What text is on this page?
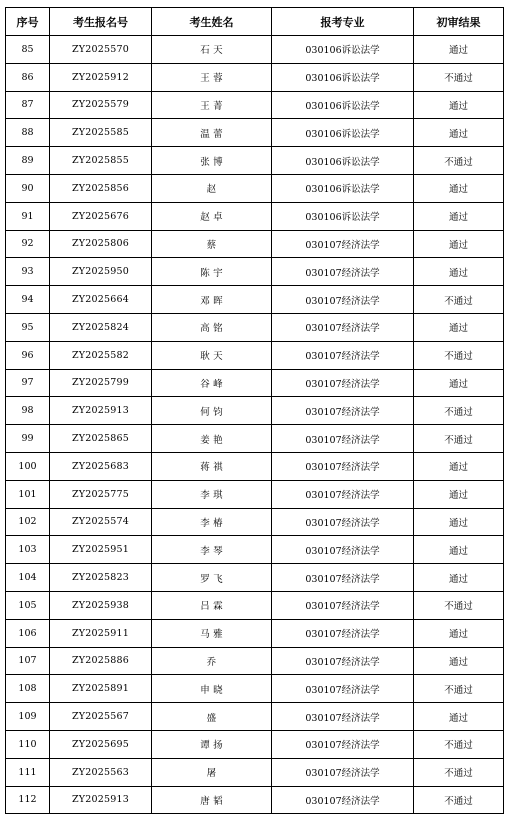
序号	考生报名号	考生姓名	报考专业	初审结果
85	ZY2025570	石 天	030106诉讼法学	通过
86	ZY2025912	王 蓉	030106诉讼法学	不通过
87	ZY2025579	王 菁	030106诉讼法学	通过
88	ZY2025585	温 蕾	030106诉讼法学	通过
89	ZY2025855	张 博	030106诉讼法学	不通过
90	ZY2025856	赵	030106诉讼法学	通过
91	ZY2025676	赵 卓	030106诉讼法学	通过
92	ZY2025806	蔡	030107经济法学	通过
93	ZY2025950	陈 宇	030107经济法学	通过
94	ZY2025664	邓 晖	030107经济法学	不通过
95	ZY2025824	高 铭	030107经济法学	通过
96	ZY2025582	耿 天	030107经济法学	不通过
97	ZY2025799	谷 峰	030107经济法学	通过
98	ZY2025913	何 钧	030107经济法学	不通过
99	ZY2025865	姜 艳	030107经济法学	不通过
100	ZY2025683	蒋 祺	030107经济法学	通过
101	ZY2025775	李 琪	030107经济法学	通过
102	ZY2025574	李 椿	030107经济法学	通过
103	ZY2025951	李 琴	030107经济法学	通过
104	ZY2025823	罗 飞	030107经济法学	通过
105	ZY2025938	吕 霖	030107经济法学	不通过
106	ZY2025911	马 雅	030107经济法学	通过
107	ZY2025886	乔	030107经济法学	通过
108	ZY2025891	申 晓	030107经济法学	不通过
109	ZY2025567	盛	030107经济法学	通过
110	ZY2025695	谭 扬	030107经济法学	不通过
111	ZY2025563	屠	030107经济法学	不通过
112	ZY2025913	唐 韬	030107经济法学	不通过
